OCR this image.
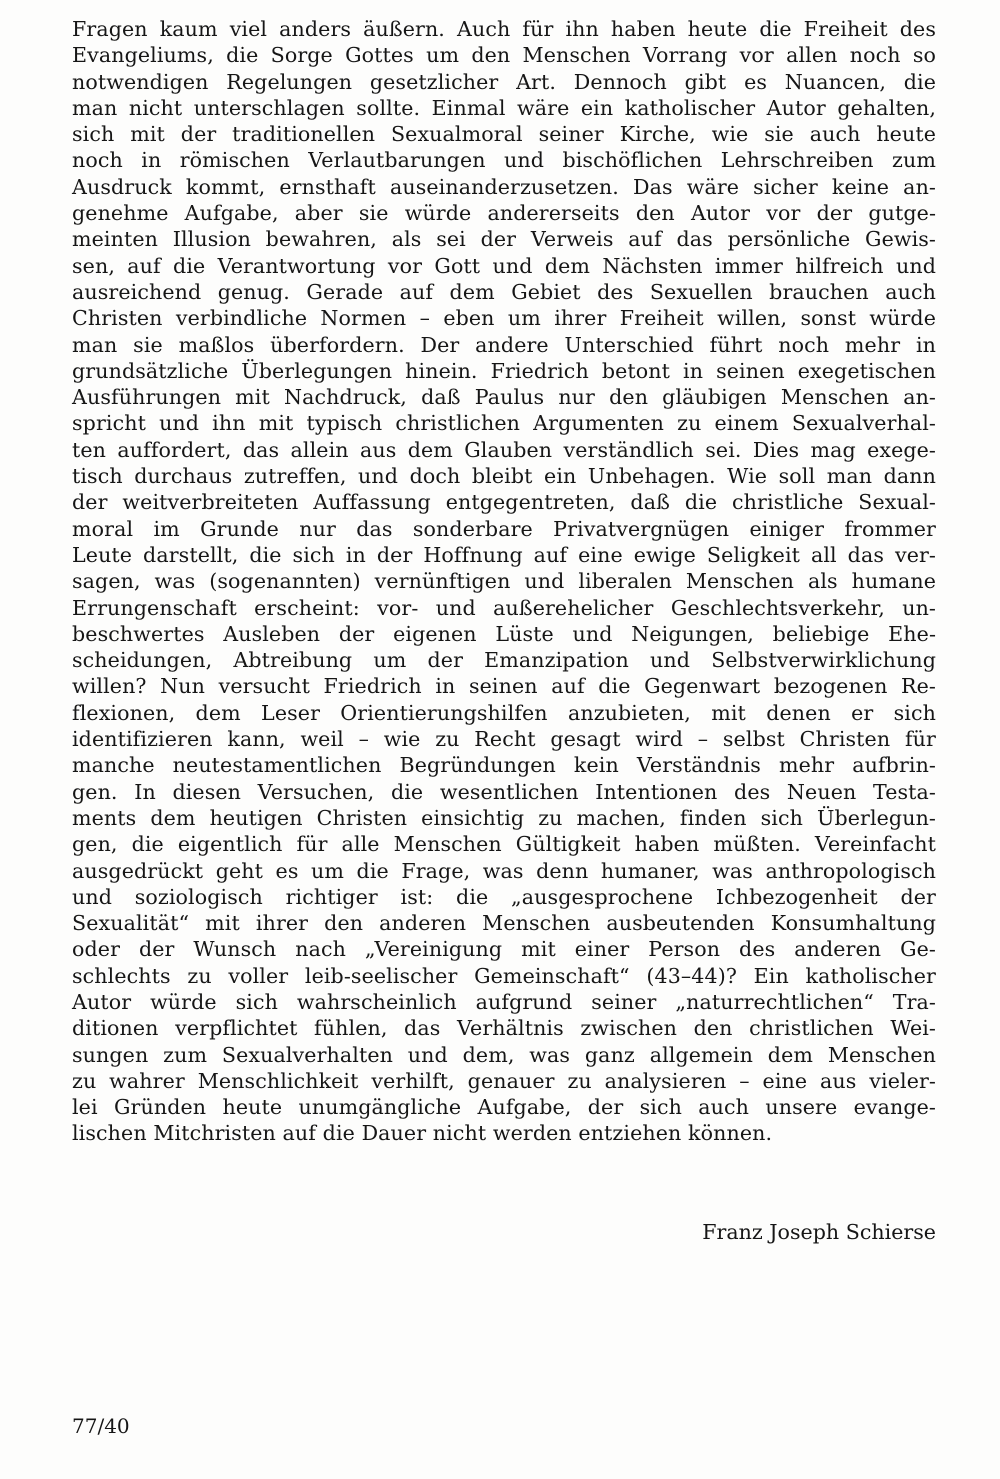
Fragen kaum viel anders äußern. Auch für ihn haben heute die Freiheit des
Evangeliums, die Sorge Gottes um den Menschen Vorrang vor allen noch so
notwendigen Regelungen gesetzlicher Art. Dennoch gibt es Nuancen, die
man nicht unterschlagen sollte. Einmal wäre ein katholischer Autor gehalten,
sich mit der traditionellen Sexualmoral seiner Kirche, wie sie auch heute
noch in römischen Verlautbarungen und bischöflichen Lehrschreiben zum
Ausdruck kommt, ernsthaft auseinanderzusetzen. Das wäre sicher keine an-
genehme Aufgabe, aber sie würde andererseits den Autor vor der gutge-
meinten Illusion bewahren, als sei der Verweis auf das persönliche Gewis-
sen, auf die Verantwortung vor Gott und dem Nächsten immer hilfreich und
ausreichend genug. Gerade auf dem Gebiet des Sexuellen brauchen auch
Christen verbindliche Normen – eben um ihrer Freiheit willen, sonst würde
man sie maßlos überfordern. Der andere Unterschied führt noch mehr in
grundsätzliche Überlegungen hinein. Friedrich betont in seinen exegetischen
Ausführungen mit Nachdruck, daß Paulus nur den gläubigen Menschen an-
spricht und ihn mit typisch christlichen Argumenten zu einem Sexualverhal-
ten auffordert, das allein aus dem Glauben verständlich sei. Dies mag exege-
tisch durchaus zutreffen, und doch bleibt ein Unbehagen. Wie soll man dann
der weitverbreiteten Auffassung entgegentreten, daß die christliche Sexual-
moral im Grunde nur das sonderbare Privatvergnügen einiger frommer
Leute darstellt, die sich in der Hoffnung auf eine ewige Seligkeit all das ver-
sagen, was (sogenannten) vernünftigen und liberalen Menschen als humane
Errungenschaft erscheint: vor- und außerehelicher Geschlechtsverkehr, un-
beschwertes Ausleben der eigenen Lüste und Neigungen, beliebige Ehe-
scheidungen, Abtreibung um der Emanzipation und Selbstverwirklichung
willen? Nun versucht Friedrich in seinen auf die Gegenwart bezogenen Re-
flexionen, dem Leser Orientierungshilfen anzubieten, mit denen er sich
identifizieren kann, weil – wie zu Recht gesagt wird – selbst Christen für
manche neutestamentlichen Begründungen kein Verständnis mehr aufbrin-
gen. In diesen Versuchen, die wesentlichen Intentionen des Neuen Testa-
ments dem heutigen Christen einsichtig zu machen, finden sich Überlegun-
gen, die eigentlich für alle Menschen Gültigkeit haben müßten. Vereinfacht
ausgedrückt geht es um die Frage, was denn humaner, was anthropologisch
und soziologisch richtiger ist: die „ausgesprochene Ichbezogenheit der
Sexualität“ mit ihrer den anderen Menschen ausbeutenden Konsumhaltung
oder der Wunsch nach „Vereinigung mit einer Person des anderen Ge-
schlechts zu voller leib-seelischer Gemeinschaft“ (43–44)? Ein katholischer
Autor würde sich wahrscheinlich aufgrund seiner „naturrechtlichen“ Tra-
ditionen verpflichtet fühlen, das Verhältnis zwischen den christlichen Wei-
sungen zum Sexualverhalten und dem, was ganz allgemein dem Menschen
zu wahrer Menschlichkeit verhilft, genauer zu analysieren – eine aus vieler-
lei Gründen heute unumgängliche Aufgabe, der sich auch unsere evange-
lischen Mitchristen auf die Dauer nicht werden entziehen können.
Franz Joseph Schierse
77/40
